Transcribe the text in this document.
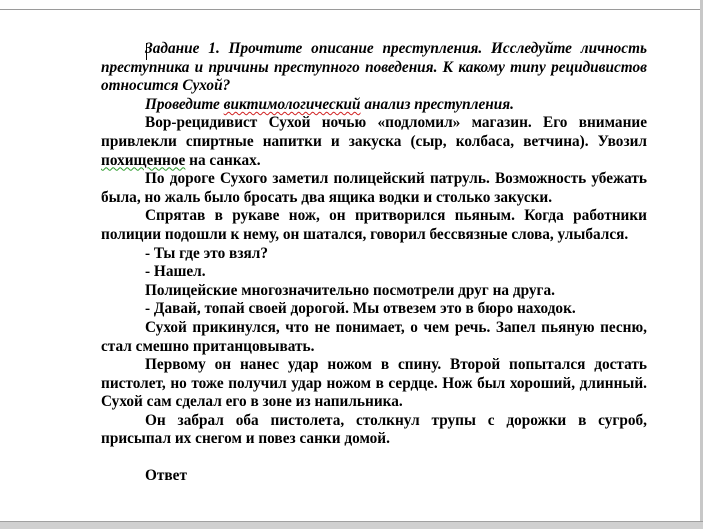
Задание 1. Прочтите описание преступления. Исследуйте личность преступника и причины преступного поведения. К какому типу рецидивистов относится Сухой?

Проведите виктимологический анализ преступления.

Вор-рецидивист Сухой ночью «подломил» магазин. Его внимание привлекли спиртные напитки и закуска (сыр, колбаса, ветчина). Увозил похищенное на санках.

По дороге Сухого заметил полицейский патруль. Возможность убежать была, но жаль было бросать два ящика водки и столько закуски.

Спрятав в рукаве нож, он притворился пьяным. Когда работники полиции подошли к нему, он шатался, говорил бессвязные слова, улыбался.

- Ты где это взял?

- Нашел.

Полицейские многозначительно посмотрели друг на друга.

- Давай, топай своей дорогой. Мы отвезем это в бюро находок.

Сухой прикинулся, что не понимает, о чем речь. Запел пьяную песню, стал смешно пританцовывать.

Первому он нанес удар ножом в спину. Второй попытался достать пистолет, но тоже получил удар ножом в сердце. Нож был хороший, длинный. Сухой сам сделал его в зоне из напильника.

Он забрал оба пистолета, столкнул трупы с дорожки в сугроб, присыпал их снегом и повез санки домой.

Ответ
